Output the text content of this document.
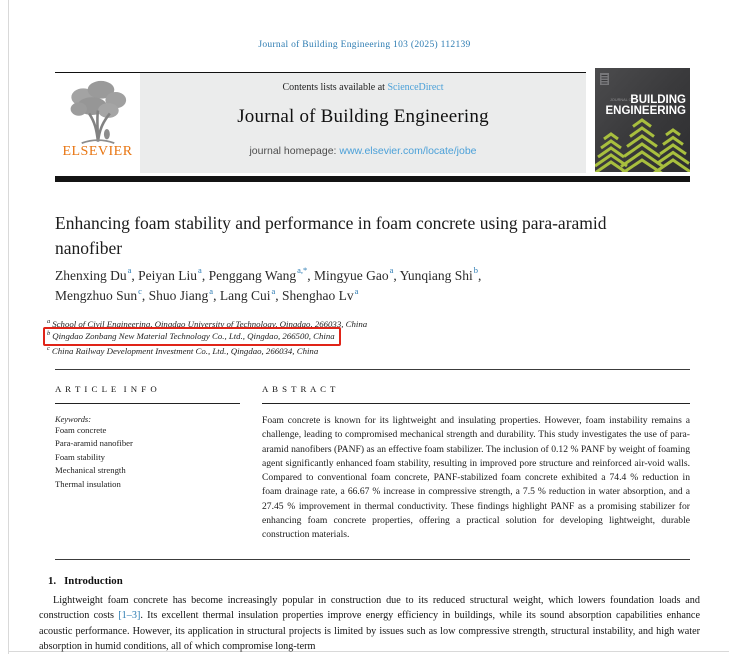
Journal of Building Engineering 103 (2025) 112139
ELSEVIER
Contents lists available at ScienceDirect
Journal of Building Engineering
journal homepage: www.elsevier.com/locate/jobe
JOURNAL OF
BUILDING
ENGINEERING
Enhancing foam stability and performance in foam concrete using para-aramid nanofiber
Zhenxing Du$^a$, Peiyan Liu$^a$, Penggang Wang$^{a,*}$, Mingyue Gao$^a$, Yunqiang Shi$^b$,
Mengzhuo Sun$^c$, Shuo Jiang$^a$, Lang Cui$^a$, Shenghao Lv$^a$
$^a$ School of Civil Engineering, Qingdao University of Technology, Qingdao, 266033, China
$^b$ Qingdao Zonbang New Material Technology Co., Ltd., Qingdao, 266500, China
$^c$ China Railway Development Investment Co., Ltd., Qingdao, 266034, China
A R T I C L E  I N F O
Keywords:
Foam concrete
Para-aramid nanofiber
Foam stability
Mechanical strength
Thermal insulation
A B S T R A C T
Foam concrete is known for its lightweight and insulating properties. However, foam instability remains a challenge, leading to compromised mechanical strength and durability. This study investigates the use of para-aramid nanofibers (PANF) as an effective foam stabilizer. The inclusion of 0.12 % PANF by weight of foaming agent significantly enhanced foam stability, resulting in improved pore structure and reinforced air-void walls. Compared to conventional foam concrete, PANF-stabilized foam concrete exhibited a 74.4 % reduction in foam drainage rate, a 66.67 % increase in compressive strength, a 7.5 % reduction in water absorption, and a 27.45 % improvement in thermal conductivity. These findings highlight PANF as a promising stabilizer for enhancing foam concrete properties, offering a practical solution for developing lightweight, durable construction materials.
1. Introduction

Lightweight foam concrete has become increasingly popular in construction due to its reduced structural weight, which lowers foundation loads and construction costs [1–3]. Its excellent thermal insulation properties improve energy efficiency in buildings, while its sound absorption capabilities enhance acoustic performance. However, its application in structural projects is limited by issues such as low compressive strength, structural instability, and high water absorption in humid conditions, all of which compromise long-term
